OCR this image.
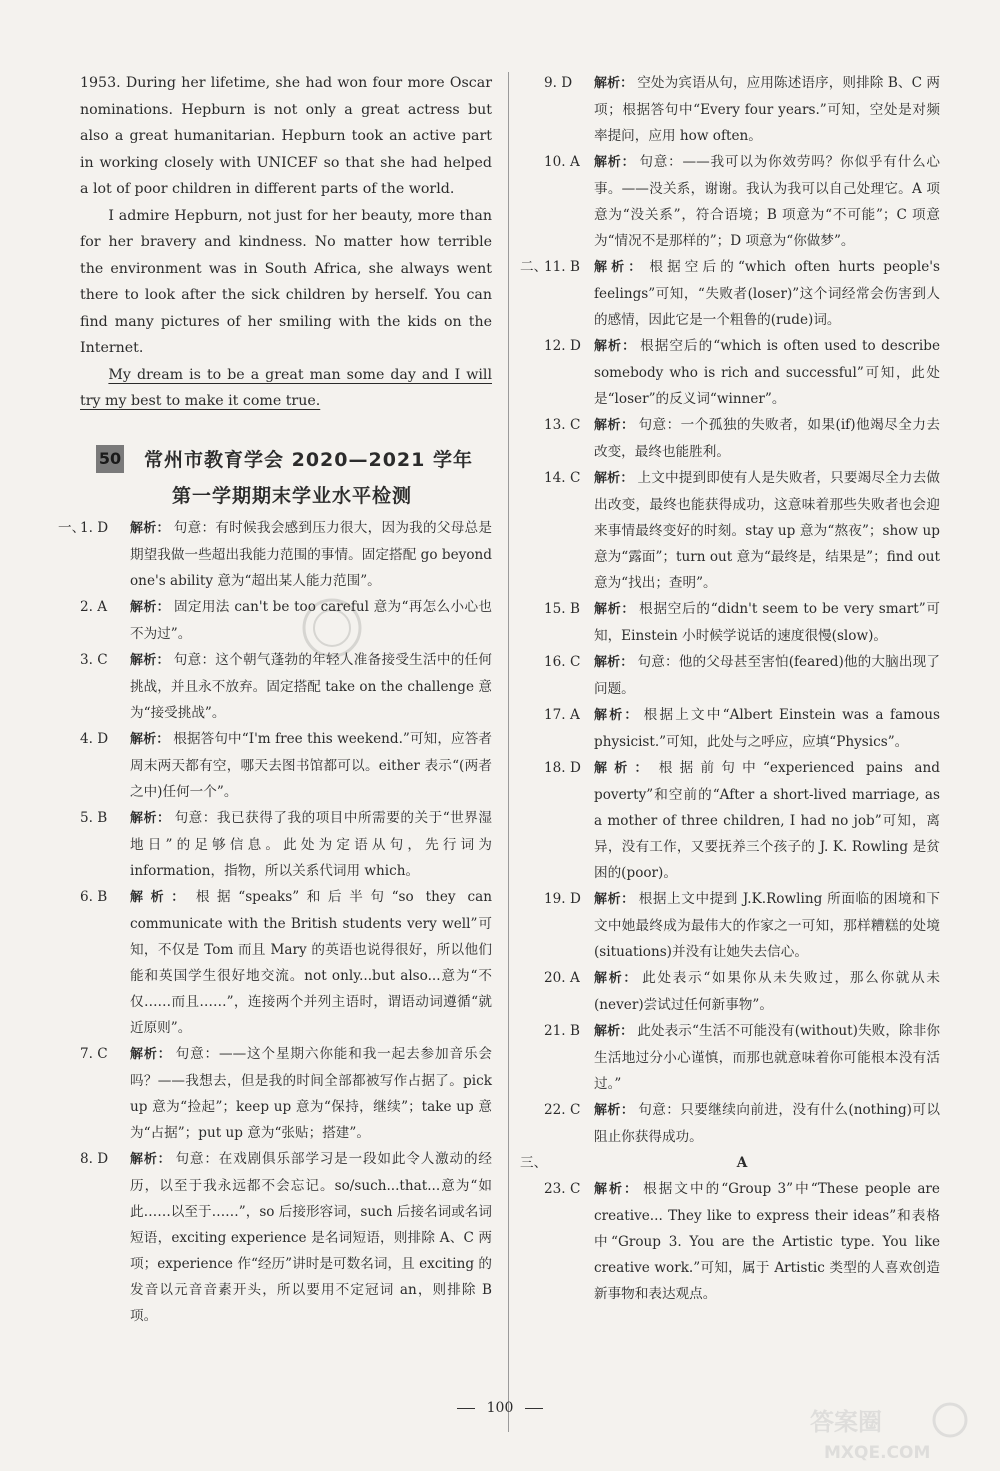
1953. During her lifetime, she had won four more Oscar nominations. Hepburn is not only a great actress but also a great humanitarian. Hepburn took an active part in working closely with UNICEF so that she had helped a lot of poor children in different parts of the world.

I admire Hepburn, not just for her beauty, more than for her bravery and kindness. No matter how terrible the environment was in South Africa, she always went there to look after the sick children by herself. You can find many pictures of her smiling with the kids on the Internet.

My dream is to be a great man some day and I will try my best to make it come true.

50 常州市教育学会 2020—2021 学年
第一学期期末学业水平检测
一、
1. D	解析： 句意：有时候我会感到压力很大，因为我的父母总是期望我做一些超出我能力范围的事情。固定搭配 go beyond one's ability 意为“超出某人能力范围”。
2. A	解析： 固定用法 can't be too careful 意为“再怎么小心也不为过”。
3. C	解析： 句意：这个朝气蓬勃的年轻人准备接受生活中的任何挑战，并且永不放弃。固定搭配 take on the challenge 意为“接受挑战”。
4. D	解析： 根据答句中“I'm free this weekend.”可知，应答者周末两天都有空，哪天去图书馆都可以。either 表示“(两者之中)任何一个”。
5. B	解析： 句意：我已获得了我的项目中所需要的关于“世界湿地日”的足够信息。此处为定语从句，先行词为 information，指物，所以关系代词用 which。
6. B	解析： 根据“speaks”和后半句“so they can communicate with the British students very well”可知，不仅是 Tom 而且 Mary 的英语也说得很好，所以他们能和英国学生很好地交流。not only...but also...意为“不仅……而且……”，连接两个并列主语时，谓语动词遵循“就近原则”。
7. C	解析： 句意：——这个星期六你能和我一起去参加音乐会吗？——我想去，但是我的时间全部都被写作占据了。pick up 意为“捡起”；keep up 意为“保持，继续”；take up 意为“占据”；put up 意为“张贴；搭建”。
8. D	解析： 句意：在戏剧俱乐部学习是一段如此令人激动的经历，以至于我永远都不会忘记。so/such...that...意为“如此……以至于……”，so 后接形容词，such 后接名词或名词短语，exciting experience 是名词短语，则排除 A、C 两项；experience 作“经历”讲时是可数名词，且 exciting 的发音以元音音素开头，所以要用不定冠词 an，则排除 B 项。
9. D	解析： 空处为宾语从句，应用陈述语序，则排除 B、C 两项；根据答句中“Every four years.”可知，空处是对频率提问，应用 how often。
10. A	解析： 句意：——我可以为你效劳吗？你似乎有什么心事。——没关系，谢谢。我认为我可以自己处理它。A 项意为“没关系”，符合语境；B 项意为“不可能”；C 项意为“情况不是那样的”；D 项意为“你做梦”。
二、
11. B	解析： 根据空后的“which often hurts people's feelings”可知，“失败者(loser)”这个词经常会伤害到人的感情，因此它是一个粗鲁的(rude)词。
12. D	解析： 根据空后的“which is often used to describe somebody who is rich and successful”可知，此处是“loser”的反义词“winner”。
13. C	解析： 句意：一个孤独的失败者，如果(if)他竭尽全力去改变，最终也能胜利。
14. C	解析： 上文中提到即使有人是失败者，只要竭尽全力去做出改变，最终也能获得成功，这意味着那些失败者也会迎来事情最终变好的时刻。stay up 意为“熬夜”；show up 意为“露面”；turn out 意为“最终是，结果是”；find out 意为“找出；查明”。
15. B	解析： 根据空后的“didn't seem to be very smart”可知，Einstein 小时候学说话的速度很慢(slow)。
16. C	解析： 句意：他的父母甚至害怕(feared)他的大脑出现了问题。
17. A	解析： 根据上文中“Albert Einstein was a famous physicist.”可知，此处与之呼应，应填“Physics”。
18. D	解析： 根据前句中“experienced pains and poverty”和空前的“After a short-lived marriage, as a mother of three children, I had no job”可知，离异，没有工作，又要抚养三个孩子的 J. K. Rowling 是贫困的(poor)。
19. D	解析： 根据上文中提到 J.K.Rowling 所面临的困境和下文中她最终成为最伟大的作家之一可知，那样糟糕的处境(situations)并没有让她失去信心。
20. A	解析： 此处表示“如果你从未失败过，那么你就从未(never)尝试过任何新事物”。
21. B	解析： 此处表示“生活不可能没有(without)失败，除非你生活地过分小心谨慎，而那也就意味着你可能根本没有活过。”
22. C	解析： 句意：只要继续向前进，没有什么(nothing)可以阻止你获得成功。
三、	A
23. C	解析： 根据文中的“Group 3”中“These people are creative... They like to express their ideas”和表格中“Group 3. You are the Artistic type. You like creative work.”可知，属于 Artistic 类型的人喜欢创造新事物和表达观点。
100	答案圈
MXQE.COM
